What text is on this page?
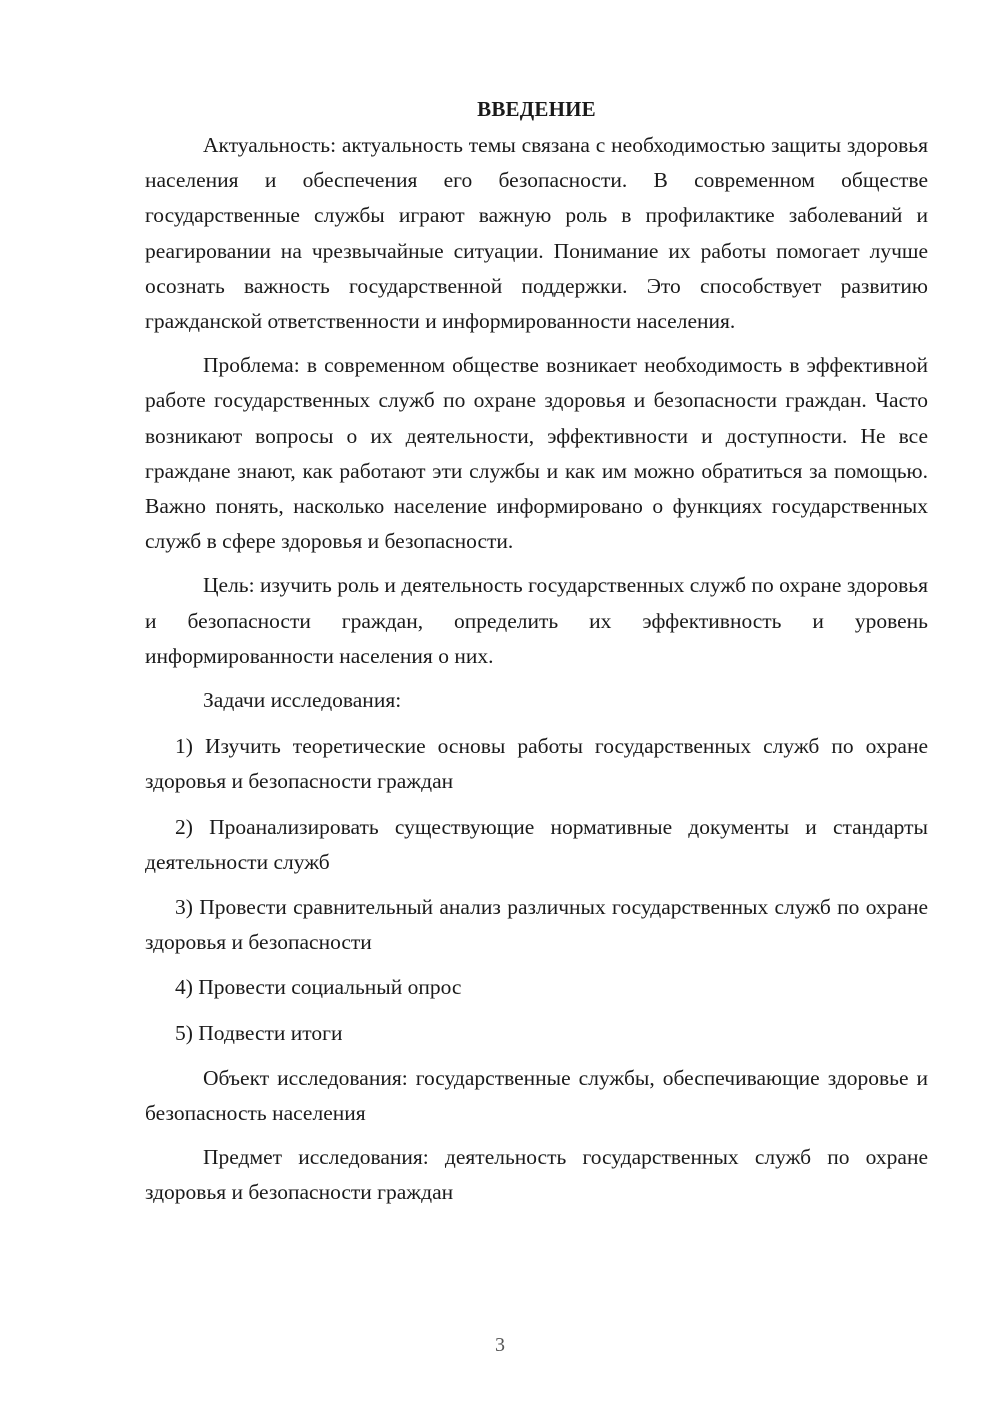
ВВЕДЕНИЕ

Актуальность: актуальность темы связана с необходимостью защиты здоровья населения и обеспечения его безопасности. В современном обществе государственные службы играют важную роль в профилактике заболеваний и реагировании на чрезвычайные ситуации. Понимание их работы помогает лучше осознать важность государственной поддержки. Это способствует развитию гражданской ответственности и информированности населения.

Проблема: в современном обществе возникает необходимость в эффективной работе государственных служб по охране здоровья и безопасности граждан. Часто возникают вопросы о их деятельности, эффективности и доступности. Не все граждане знают, как работают эти службы и как им можно обратиться за помощью. Важно понять, насколько население информировано о функциях государственных служб в сфере здоровья и безопасности.

Цель: изучить роль и деятельность государственных служб по охране здоровья и безопасности граждан, определить их эффективность и уровень информированности населения о них.

Задачи исследования:

1) Изучить теоретические основы работы государственных служб по охране здоровья и безопасности граждан

2) Проанализировать существующие нормативные документы и стандарты деятельности служб

3) Провести сравнительный анализ различных государственных служб по охране здоровья и безопасности

4) Провести социальный опрос

5) Подвести итоги

Объект исследования: государственные службы, обеспечивающие здоровье и безопасность населения

Предмет исследования: деятельность государственных служб по охране здоровья и безопасности граждан

3
